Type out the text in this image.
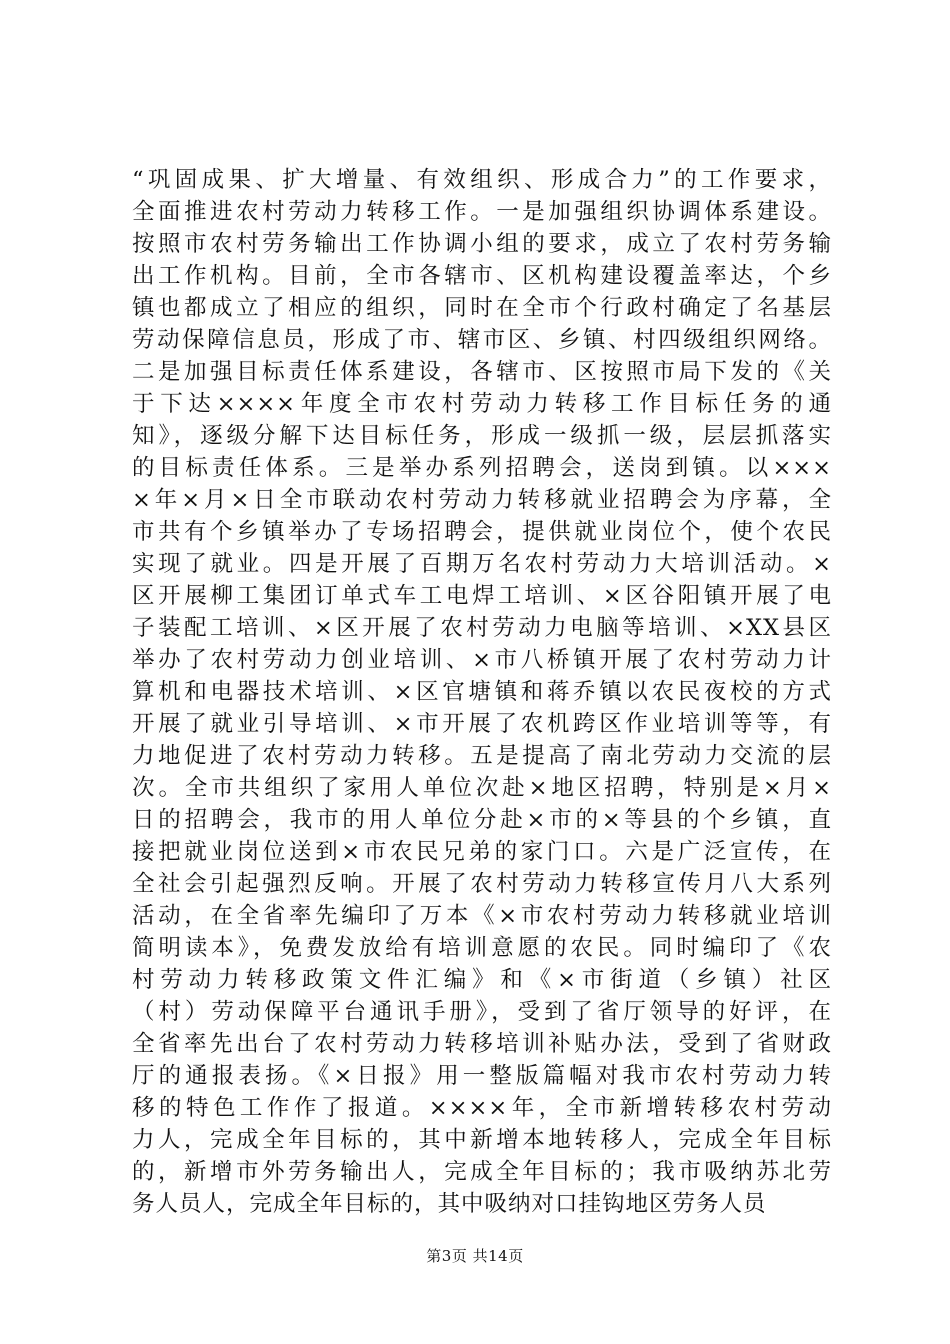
“巩固成果、扩大增量、有效组织、形成合力”的工作要求，
全面推进农村劳动力转移工作。一是加强组织协调体系建设。
按照市农村劳务输出工作协调小组的要求，成立了农村劳务输
出工作机构。目前，全市各辖市、区机构建设覆盖率达，个乡
镇也都成立了相应的组织，同时在全市个行政村确定了名基层
劳动保障信息员，形成了市、辖市区、乡镇、村四级组织网络。
二是加强目标责任体系建设，各辖市、区按照市局下发的《关
于下达××××年度全市农村劳动力转移工作目标任务的通
知》，逐级分解下达目标任务，形成一级抓一级，层层抓落实
的目标责任体系。三是举办系列招聘会，送岗到镇。以×××
×年×月×日全市联动农村劳动力转移就业招聘会为序幕，全
市共有个乡镇举办了专场招聘会，提供就业岗位个，使个农民
实现了就业。四是开展了百期万名农村劳动力大培训活动。×
区开展柳工集团订单式车工电焊工培训、×区谷阳镇开展了电
子装配工培训、×区开展了农村劳动力电脑等培训、×XX县区
举办了农村劳动力创业培训、×市八桥镇开展了农村劳动力计
算机和电器技术培训、×区官塘镇和蒋乔镇以农民夜校的方式
开展了就业引导培训、×市开展了农机跨区作业培训等等，有
力地促进了农村劳动力转移。五是提高了南北劳动力交流的层
次。全市共组织了家用人单位次赴×地区招聘，特别是×月×
日的招聘会，我市的用人单位分赴×市的×等县的个乡镇，直
接把就业岗位送到×市农民兄弟的家门口。六是广泛宣传，在
全社会引起强烈反响。开展了农村劳动力转移宣传月八大系列
活动，在全省率先编印了万本《×市农村劳动力转移就业培训
简明读本》，免费发放给有培训意愿的农民。同时编印了《农
村劳动力转移政策文件汇编》和《×市街道（乡镇）社区
（村）劳动保障平台通讯手册》，受到了省厅领导的好评，在
全省率先出台了农村劳动力转移培训补贴办法，受到了省财政
厅的通报表扬。《×日报》用一整版篇幅对我市农村劳动力转
移的特色工作作了报道。××××年，全市新增转移农村劳动
力人，完成全年目标的，其中新增本地转移人，完成全年目标
的，新增市外劳务输出人，完成全年目标的；我市吸纳苏北劳
务人员人，完成全年目标的，其中吸纳对口挂钩地区劳务人员
第3页 共14页
